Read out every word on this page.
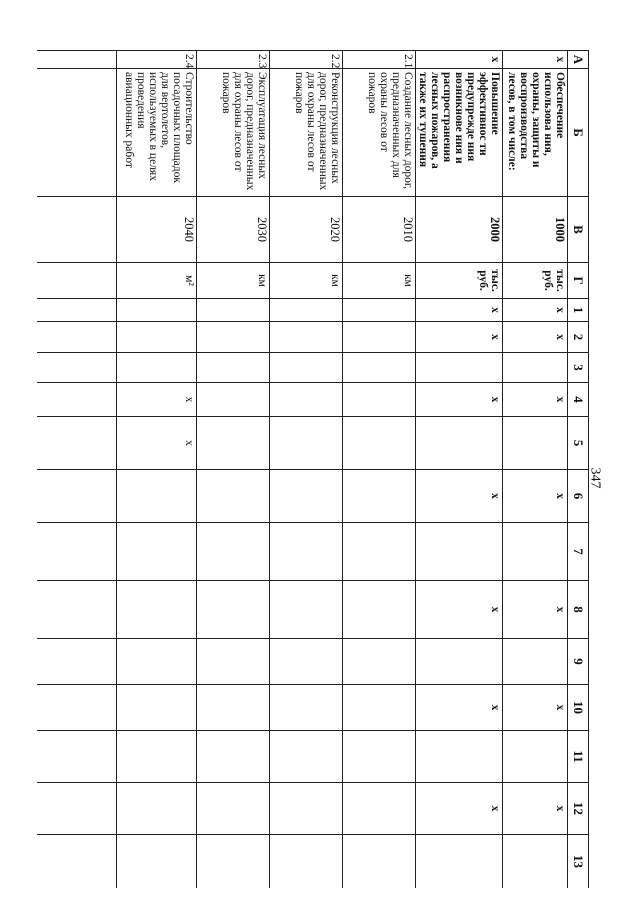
347
А	Б	В	Г	1	2	3	4	5	6	7	8	9	10	11	12	13
x	Обеспечение использова ния, охраны, защиты и воспроизводства лесов, в том числе:	1000	тыс. руб.	x	x		x		x		x		x		x	
x	Повышение эффективнос ти предупрежде ния возникнове ния и распространения лесных пожаров, а также их тушения	2000	тыс. руб.	x	x		x		x		x		x		x	
2.1	Создание лесных дорог, предназначенных для охраны лесов от пожаров	2010	км													
2.2	Реконструкция лесных дорог, предназначенных для охраны лесов от пожаров	2020	км													
2.3	Эксплуатация лесных дорог, предназначенных для охраны лесов от пожаров	2030	км													
2.4	Строительство посадочных площадок для вертолетов, используемых в целях проведения авиационных работ	2040	м²				x	x								
